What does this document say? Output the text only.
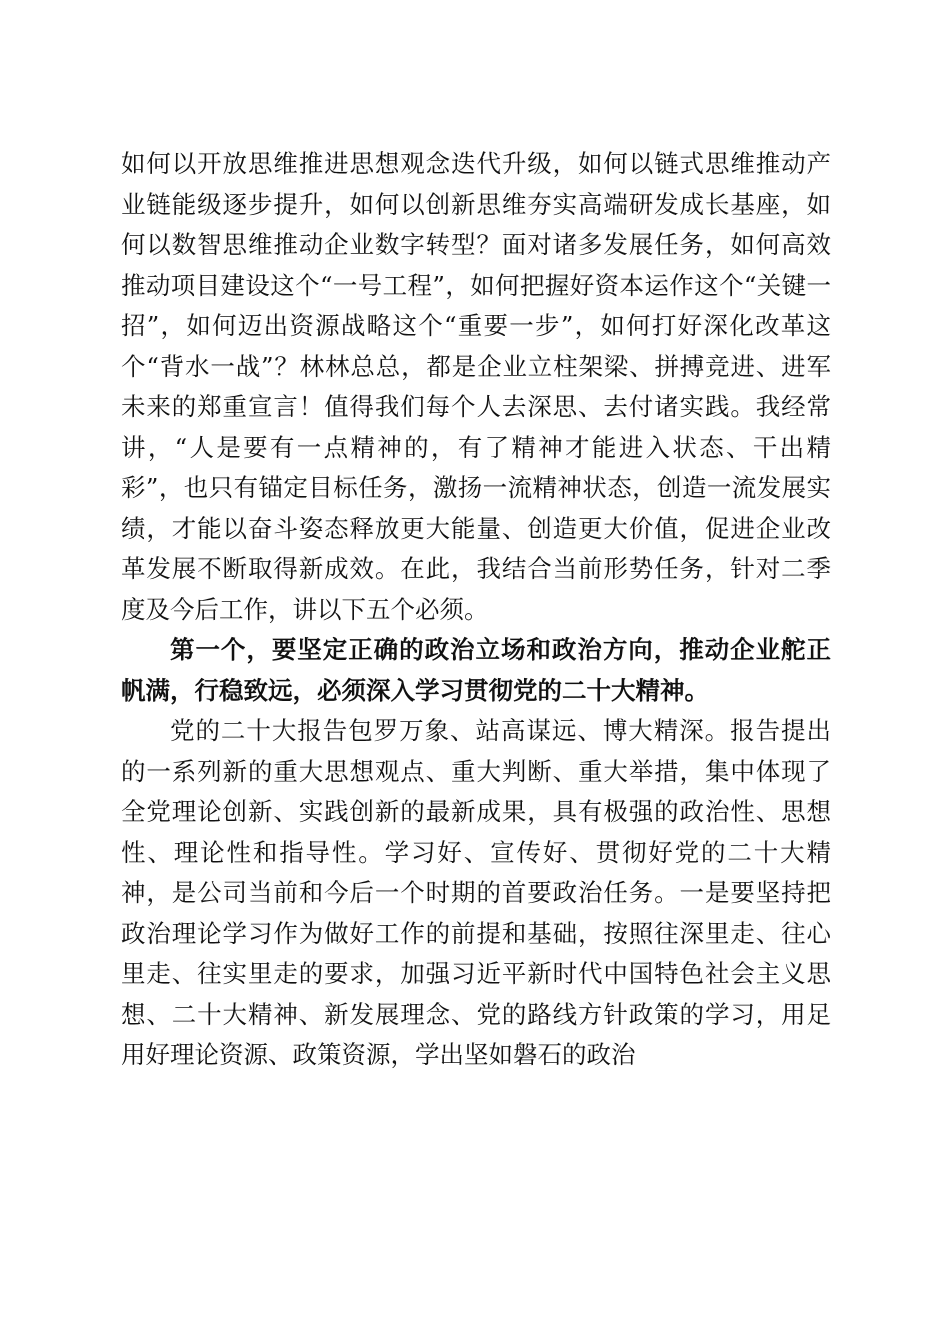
如何以开放思维推进思想观念迭代升级，如何以链式思维推动产业链能级逐步提升，如何以创新思维夯实高端研发成长基座，如何以数智思维推动企业数字转型？面对诸多发展任务，如何高效推动项目建设这个“一号工程”，如何把握好资本运作这个“关键一招”，如何迈出资源战略这个“重要一步”，如何打好深化改革这个“背水一战”？林林总总，都是企业立柱架梁、拼搏竞进、进军未来的郑重宣言！值得我们每个人去深思、去付诸实践。我经常讲，“人是要有一点精神的，有了精神才能进入状态、干出精彩”，也只有锚定目标任务，激扬一流精神状态，创造一流发展实绩，才能以奋斗姿态释放更大能量、创造更大价值，促进企业改革发展不断取得新成效。在此，我结合当前形势任务，针对二季度及今后工作，讲以下五个必须。

第一个，要坚定正确的政治立场和政治方向，推动企业舵正帆满，行稳致远，必须深入学习贯彻党的二十大精神。

党的二十大报告包罗万象、站高谋远、博大精深。报告提出的一系列新的重大思想观点、重大判断、重大举措，集中体现了全党理论创新、实践创新的最新成果，具有极强的政治性、思想性、理论性和指导性。学习好、宣传好、贯彻好党的二十大精神，是公司当前和今后一个时期的首要政治任务。一是要坚持把政治理论学习作为做好工作的前提和基础，按照往深里走、往心里走、往实里走的要求，加强习近平新时代中国特色社会主义思想、二十大精神、新发展理念、党的路线方针政策的学习，用足用好理论资源、政策资源，学出坚如磐石的政治
